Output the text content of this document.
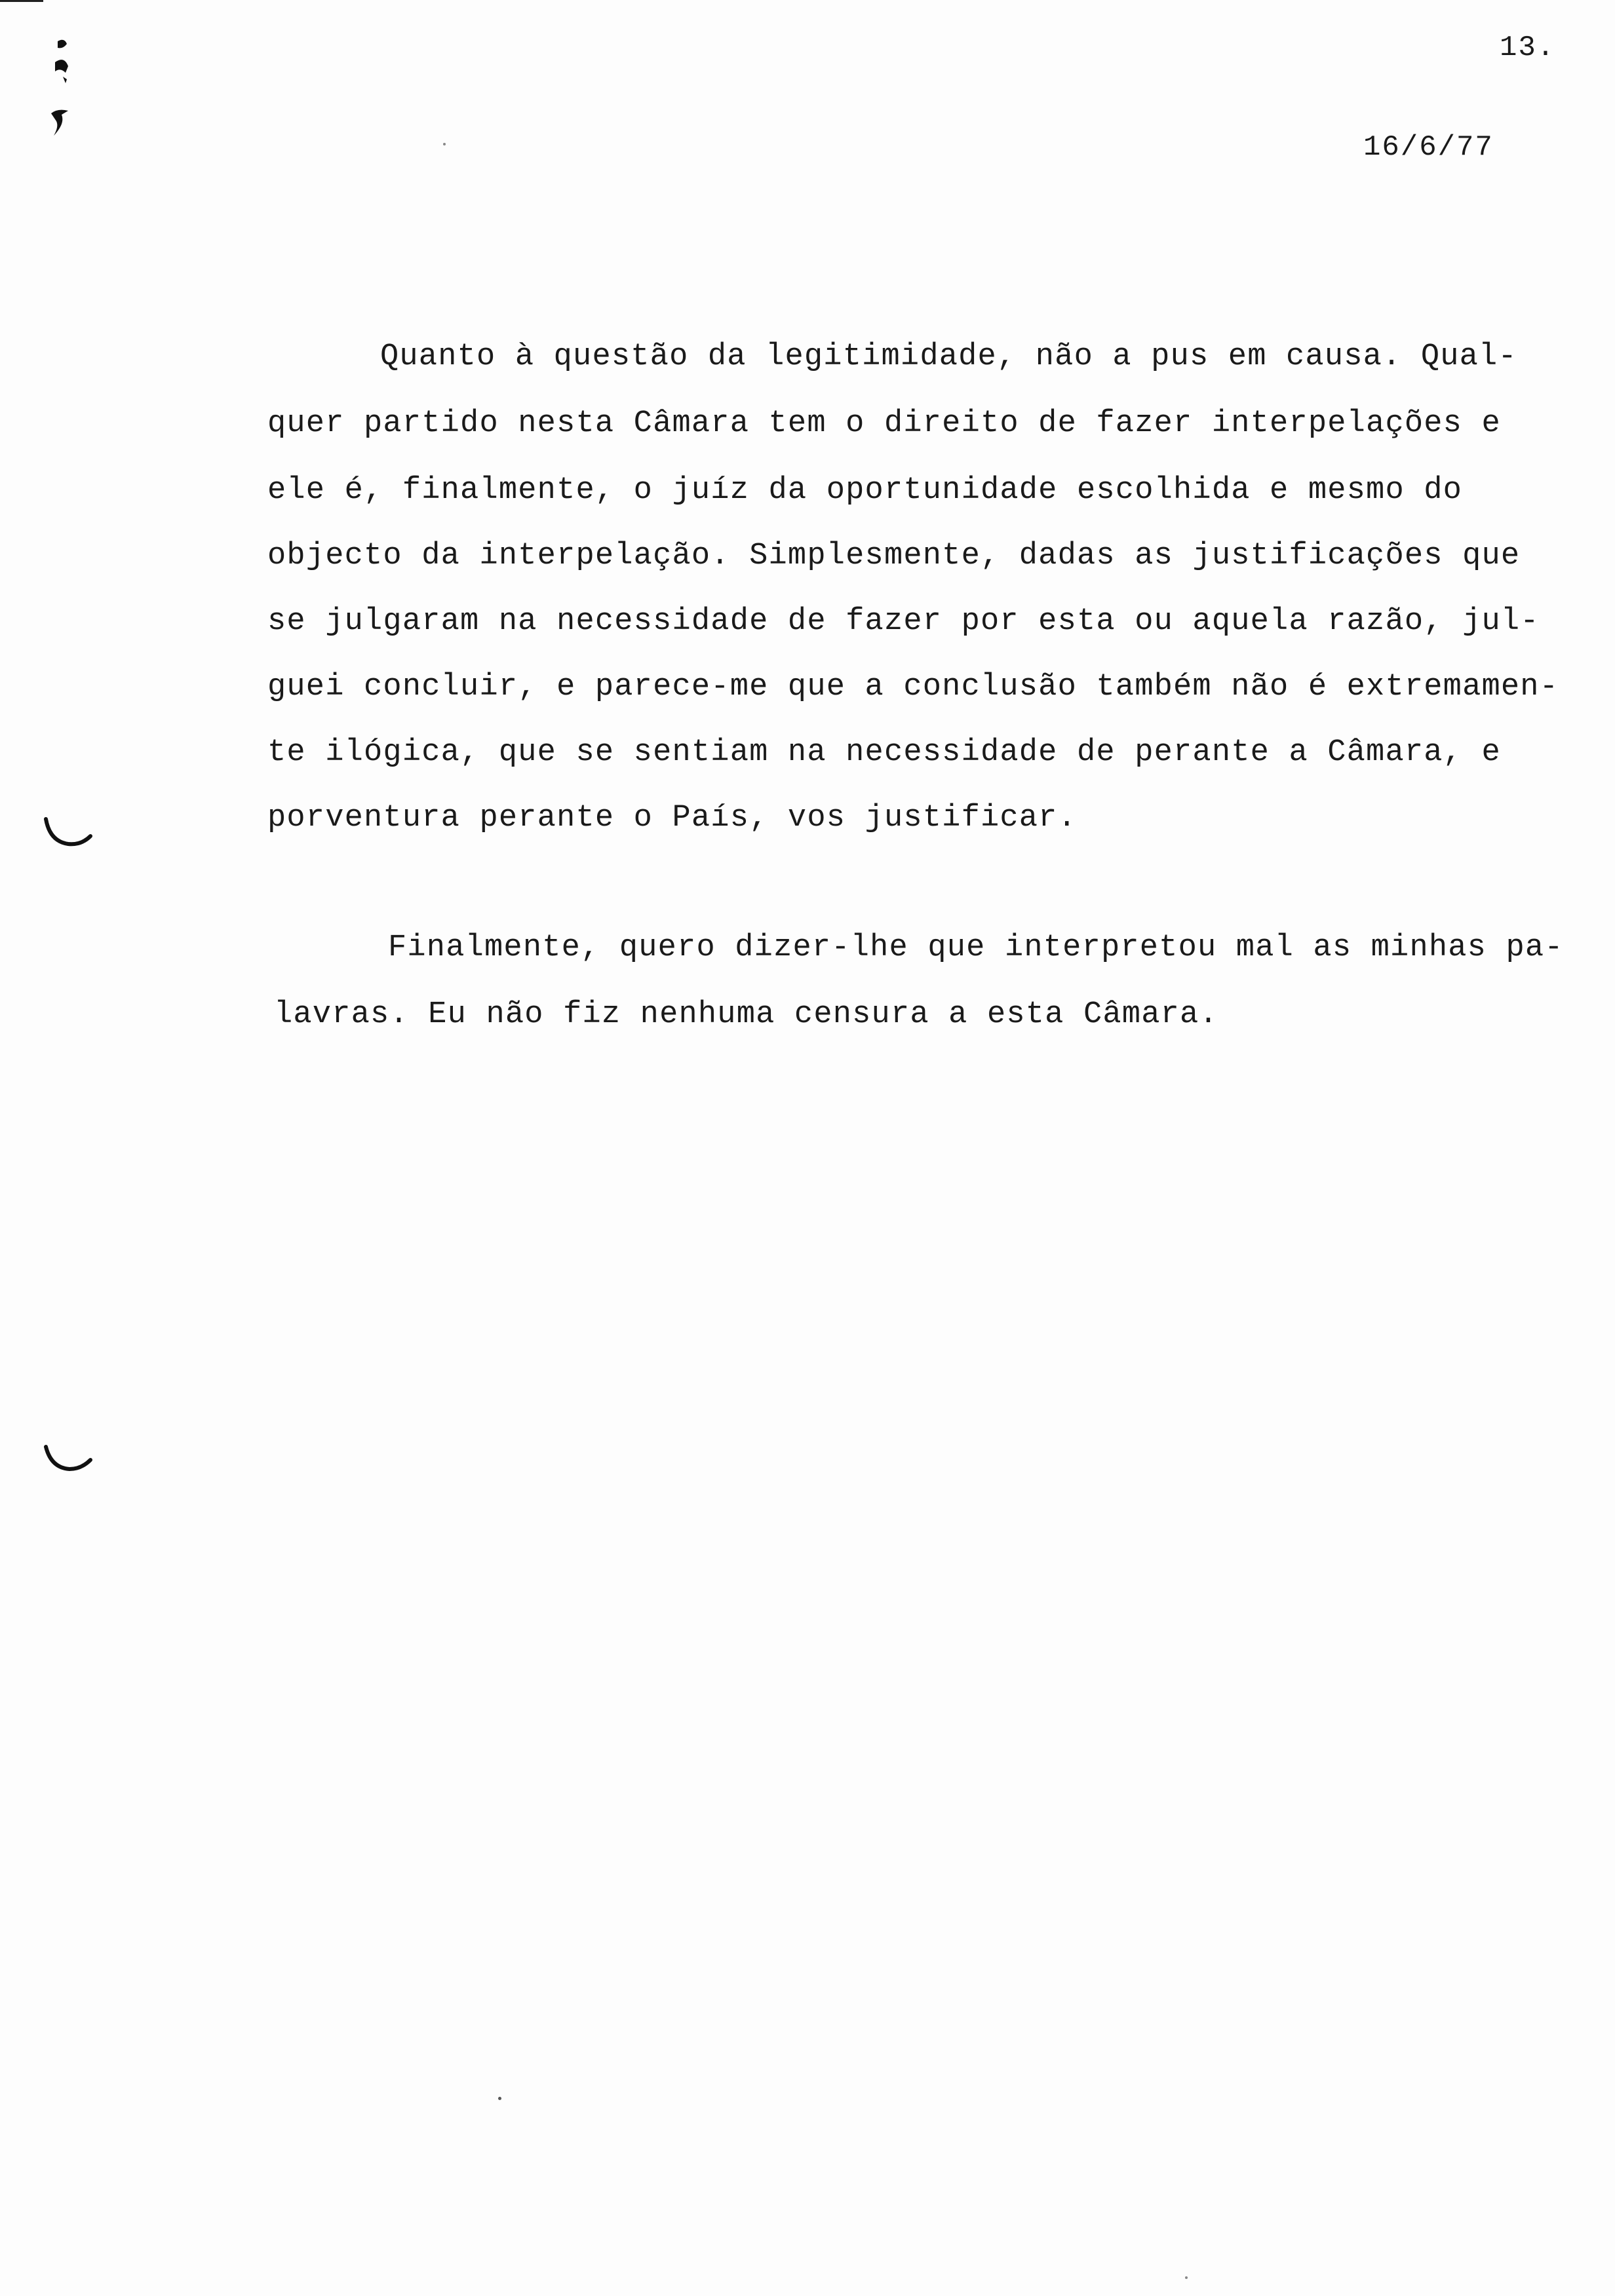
13.
16/6/77

Quanto à questão da legitimidade, não a pus em causa. Qual-

quer partido nesta Câmara tem o direito de fazer interpelações e

ele é, finalmente, o juíz da oportunidade escolhida e mesmo do

objecto da interpelação. Simplesmente, dadas as justificações que

se julgaram na necessidade de fazer por esta ou aquela razão, jul-

guei concluir, e parece-me que a conclusão também não é extremamen-

te ilógica, que se sentiam na necessidade de perante a Câmara, e

porventura perante o País, vos justificar.

Finalmente, quero dizer-lhe que interpretou mal as minhas pa-

lavras. Eu não fiz nenhuma censura a esta Câmara.
